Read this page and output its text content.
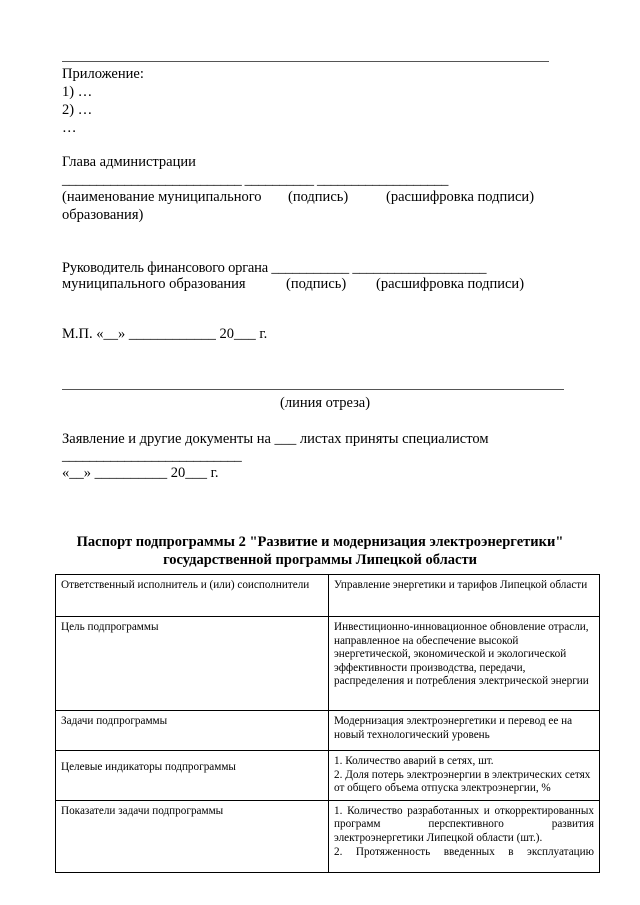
Приложение:
1) …
2) …
…
Глава администрации
__________________________ __________ ___________________
(наименование муниципального (подпись)	(расшифровка подписи)
образования)
Руководитель финансового органа ___________ ___________________
муниципального образования	(подпись) (расшифровка подписи)
М.П. «__» ____________ 20___ г.
(линия отреза)
Заявление и другие документы на ___ листах приняты специалистом
__________________________
«__» __________ 20___ г.
Паспорт подпрограммы 2 "Развитие и модернизация электроэнергетики"
государственной программы Липецкой области
Ответственный исполнитель и (или) соисполнители	Управление энергетики и тарифов Липецкой области

Цель подпрограммы	Инвестиционно-инновационное обновление отрасли, направленное на обеспечение высокой энергетической, экономической и экологической эффективности производства, передачи, распределения и потребления электрической энергии

Задачи подпрограммы	Модернизация электроэнергетики и перевод ее на новый технологический уровень

Целевые индикаторы подпрограммы	1. Количество аварий в сетях, шт.
2. Доля потерь электроэнергии в электрических сетях от общего объема отпуска электроэнергии, %

Показатели задачи подпрограммы	1. Количество разработанных и откорректированных программ перспективного развития электроэнергетики Липецкой области (шт.).
2. Протяженность введенных в эксплуатацию
